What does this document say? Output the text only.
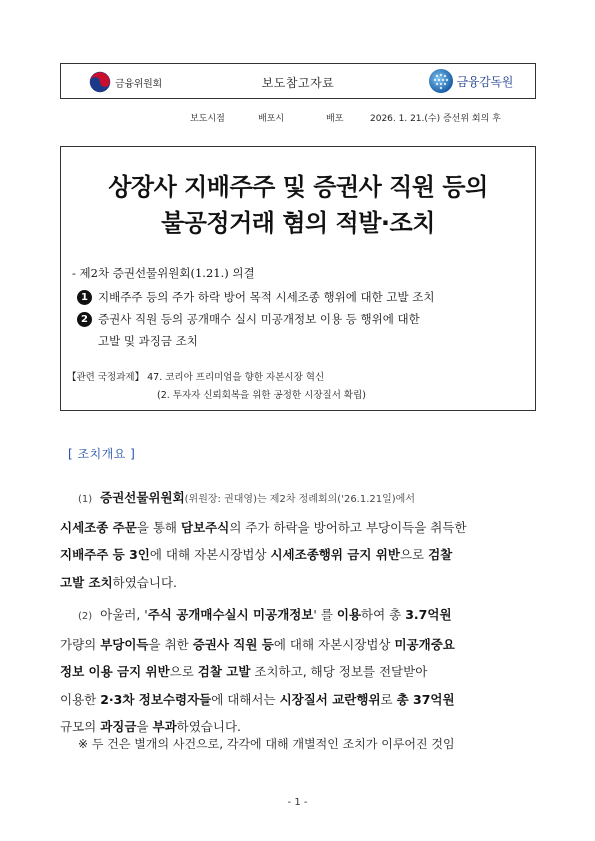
금융위원회	보도참고자료	금융감독원
보도시점	배포시	배포	2026. 1. 21.(수) 증선위 회의 후
상장사 지배주주 및 증권사 직원 등의
불공정거래 혐의 적발·조치
- 제2차 증권선물위원회(1.21.) 의결
1 지배주주 등의 주가 하락 방어 목적 시세조종 행위에 대한 고발 조치
2 증권사 직원 등의 공개매수 실시 미공개정보 이용 등 행위에 대한
고발 및 과징금 조치
【관련 국정과제】 47. 코리아 프리미엄을 향한 자본시장 혁신
(2. 투자자 신뢰회복을 위한 공정한 시장질서 확립)
[ 조치개요 ]
(1) 증권선물위원회(위원장: 권대영)는 제2차 정례회의('26.1.21일)에서
시세조종 주문을 통해 담보주식의 주가 하락을 방어하고 부당이득을 취득한
지배주주 등 3인에 대해 자본시장법상 시세조종행위 금지 위반으로 검찰
고발 조치하였습니다.
(2) 아울러, '주식 공개매수실시 미공개정보' 를 이용하여 총 3.7억원
가량의 부당이득을 취한 증권사 직원 등에 대해 자본시장법상 미공개중요
정보 이용 금지 위반으로 검찰 고발 조치하고, 해당 정보를 전달받아
이용한 2·3차 정보수령자들에 대해서는 시장질서 교란행위로 총 37억원
규모의 과징금을 부과하였습니다.
※ 두 건은 별개의 사건으로, 각각에 대해 개별적인 조치가 이루어진 것임
- 1 -
